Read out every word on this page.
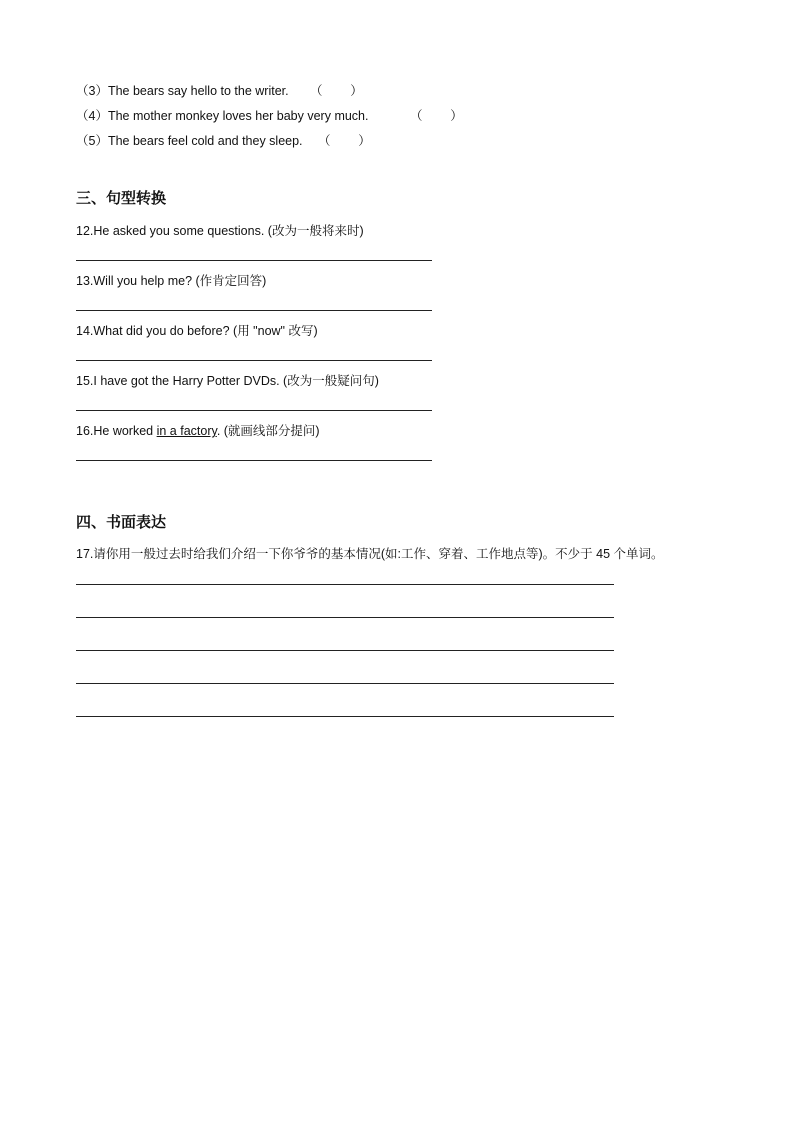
（3）The bears say hello to the writer. （        ）
（4）The mother monkey loves her baby very much.	（        ）
（5）The bears feel cold and they sleep. （        ）
三、句型转换
12.He asked you some questions. (改为一般将来时)
13.Will you help me? (作肯定回答)
14.What did you do before? (用 "now" 改写)
15.I have got the Harry Potter DVDs. (改为一般疑问句)
16.He worked in a factory. (就画线部分提问)
四、书面表达
17.请你用一般过去时给我们介绍一下你爷爷的基本情况(如:工作、穿着、工作地点等)。不少于 45 个单词。
